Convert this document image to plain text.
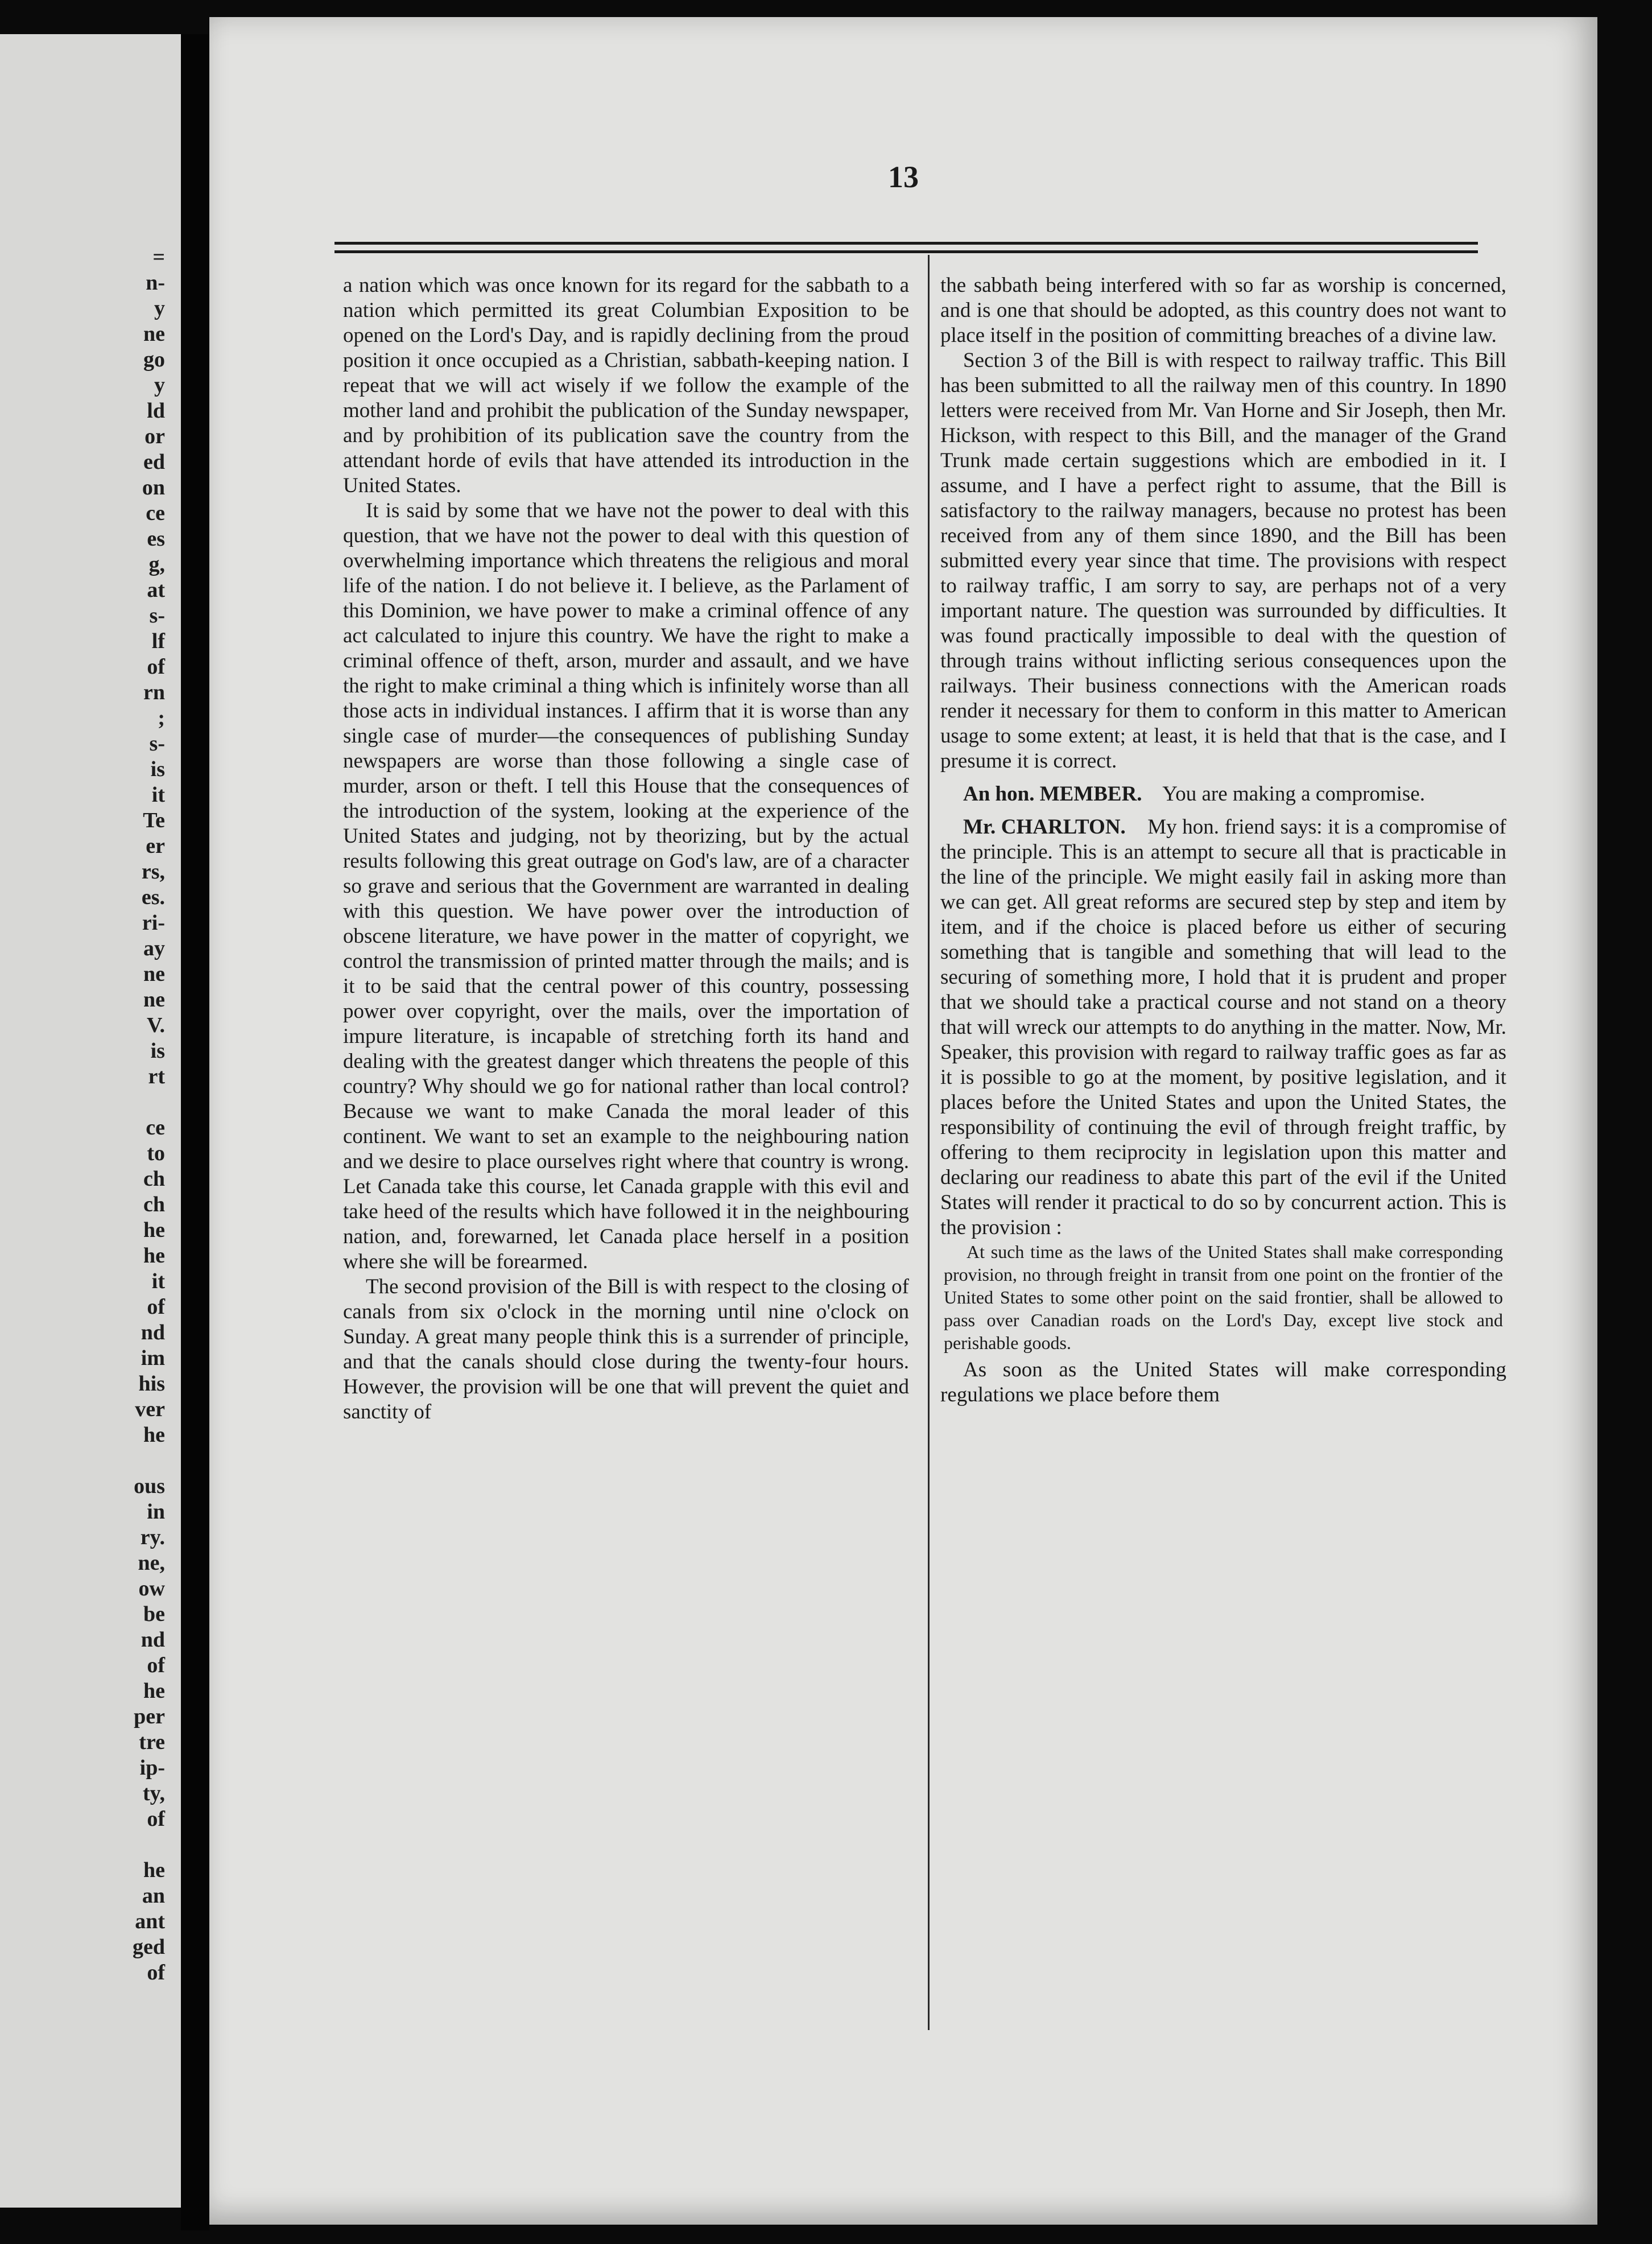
=
n-
y
ne
go
y
ld
or
ed
on
ce
es
g,
at
s-
lf
of
rn
;
s-
is
it
Te
er
rs,
es.
ri-
ay
ne
ne
V.
is
rt
ce
to
ch
ch
he
he
it
of
nd
im
his
ver
he
ous
in
ry.
ne,
ow
be
nd
of
he
per
tre
ip-
ty,
of
he
an
ant
ged
of
13

a nation which was once known for its regard for the sabbath to a nation which permitted its great Columbian Exposition to be opened on the Lord's Day, and is rapidly declining from the proud position it once occupied as a Christian, sabbath-keeping nation. I repeat that we will act wisely if we follow the example of the mother land and prohibit the publication of the Sunday newspaper, and by prohibition of its publication save the country from the attendant horde of evils that have attended its introduction in the United States.

It is said by some that we have not the power to deal with this question, that we have not the power to deal with this question of overwhelming importance which threatens the religious and moral life of the nation. I do not believe it. I believe, as the Parlament of this Dominion, we have power to make a criminal offence of any act calculated to injure this country. We have the right to make a criminal offence of theft, arson, murder and assault, and we have the right to make criminal a thing which is infinitely worse than all those acts in individual instances. I affirm that it is worse than any single case of murder—the consequences of publishing Sunday newspapers are worse than those following a single case of murder, arson or theft. I tell this House that the consequences of the introduction of the system, looking at the experience of the United States and judging, not by theorizing, but by the actual results following this great outrage on God's law, are of a character so grave and serious that the Government are warranted in dealing with this question. We have power over the introduction of obscene literature, we have power in the matter of copyright, we control the transmission of printed matter through the mails; and is it to be said that the central power of this country, possessing power over copyright, over the mails, over the importation of impure literature, is incapable of stretching forth its hand and dealing with the greatest danger which threatens the people of this country? Why should we go for national rather than local control? Because we want to make Canada the moral leader of this continent. We want to set an example to the neighbouring nation and we desire to place ourselves right where that country is wrong. Let Canada take this course, let Canada grapple with this evil and take heed of the results which have followed it in the neighbouring nation, and, forewarned, let Canada place herself in a position where she will be forearmed.

The second provision of the Bill is with respect to the closing of canals from six o'clock in the morning until nine o'clock on Sunday. A great many people think this is a surrender of principle, and that the canals should close during the twenty-four hours. However, the provision will be one that will prevent the quiet and sanctity of

the sabbath being interfered with so far as worship is concerned, and is one that should be adopted, as this country does not want to place itself in the position of committing breaches of a divine law.

Section 3 of the Bill is with respect to railway traffic. This Bill has been submitted to all the railway men of this country. In 1890 letters were received from Mr. Van Horne and Sir Joseph, then Mr. Hickson, with respect to this Bill, and the manager of the Grand Trunk made certain suggestions which are embodied in it. I assume, and I have a perfect right to assume, that the Bill is satisfactory to the railway managers, because no protest has been received from any of them since 1890, and the Bill has been submitted every year since that time. The provisions with respect to railway traffic, I am sorry to say, are perhaps not of a very important nature. The question was surrounded by difficulties. It was found practically impossible to deal with the question of through trains without inflicting serious consequences upon the railways. Their business connections with the American roads render it necessary for them to conform in this matter to American usage to some extent; at least, it is held that that is the case, and I presume it is correct.

An hon. MEMBER. You are making a compromise.

Mr. CHARLTON. My hon. friend says: it is a compromise of the principle. This is an attempt to secure all that is practicable in the line of the principle. We might easily fail in asking more than we can get. All great reforms are secured step by step and item by item, and if the choice is placed before us either of securing something that is tangible and something that will lead to the securing of something more, I hold that it is prudent and proper that we should take a practical course and not stand on a theory that will wreck our attempts to do anything in the matter. Now, Mr. Speaker, this provision with regard to railway traffic goes as far as it is possible to go at the moment, by positive legislation, and it places before the United States and upon the United States, the responsibility of continuing the evil of through freight traffic, by offering to them reciprocity in legislation upon this matter and declaring our readiness to abate this part of the evil if the United States will render it practical to do so by concurrent action. This is the provision :

At such time as the laws of the United States shall make corresponding provision, no through freight in transit from one point on the frontier of the United States to some other point on the said frontier, shall be allowed to pass over Canadian roads on the Lord's Day, except live stock and perishable goods.

As soon as the United States will make corresponding regulations we place before them
